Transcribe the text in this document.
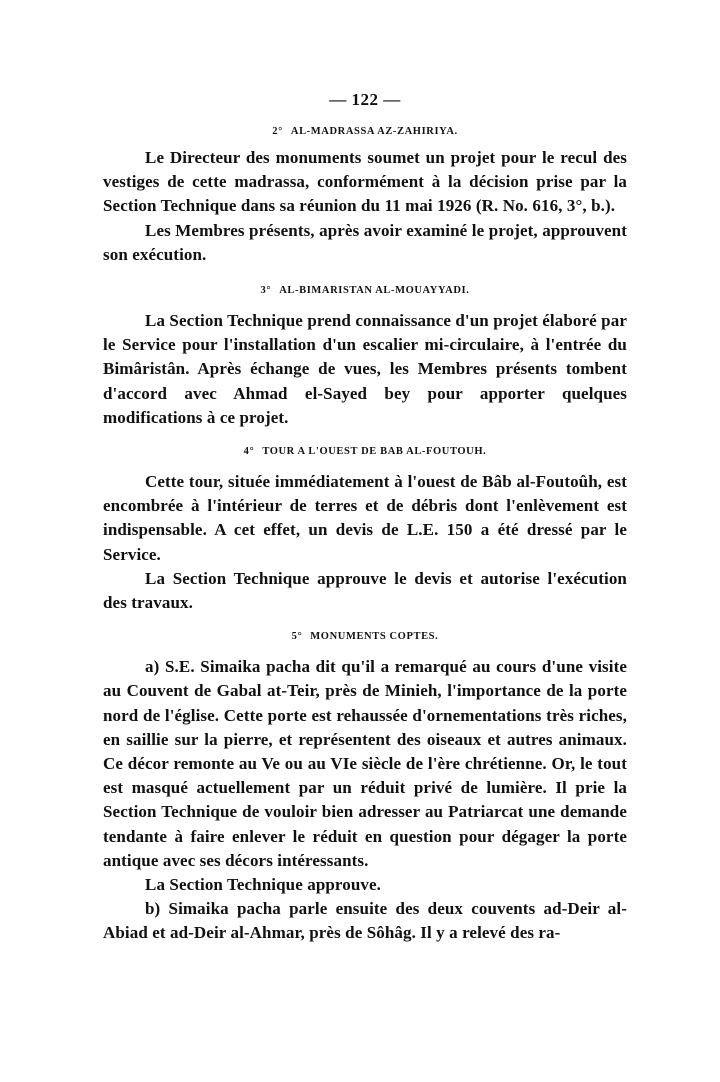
— 122 —
2° AL-MADRASSA AZ-ZAHIRIYA.

Le Directeur des monuments soumet un projet pour le recul des vestiges de cette madrassa, conformément à la décision prise par la Section Technique dans sa réunion du 11 mai 1926 (R. No. 616, 3°, b.).

Les Membres présents, après avoir examiné le projet, approuvent son exécution.

3° AL-BIMARISTAN AL-MOUAYYADI.

La Section Technique prend connaissance d'un projet élaboré par le Service pour l'installation d'un escalier mi-circulaire, à l'entrée du Bimâristân. Après échange de vues, les Membres présents tombent d'accord avec Ahmad el-Sayed bey pour apporter quelques modifications à ce projet.

4° TOUR A L'OUEST DE BAB AL-FOUTOUH.

Cette tour, située immédiatement à l'ouest de Bâb al-Foutoûh, est encombrée à l'intérieur de terres et de débris dont l'enlèvement est indispensable. A cet effet, un devis de L.E. 150 a été dressé par le Service.

La Section Technique approuve le devis et autorise l'exécution des travaux.

5° MONUMENTS COPTES.

a) S.E. Simaika pacha dit qu'il a remarqué au cours d'une visite au Couvent de Gabal at-Teir, près de Minieh, l'importance de la porte nord de l'église. Cette porte est rehaussée d'ornementations très riches, en saillie sur la pierre, et représentent des oiseaux et autres animaux. Ce décor remonte au Ve ou au VIe siècle de l'ère chrétienne. Or, le tout est masqué actuellement par un réduit privé de lumière. Il prie la Section Technique de vouloir bien adresser au Patriarcat une demande tendante à faire enlever le réduit en question pour dégager la porte antique avec ses décors intéressants.

La Section Technique approuve.

b) Simaika pacha parle ensuite des deux couvents ad-Deir al-Abiad et ad-Deir al-Ahmar, près de Sôhâg. Il y a relevé des ra-
